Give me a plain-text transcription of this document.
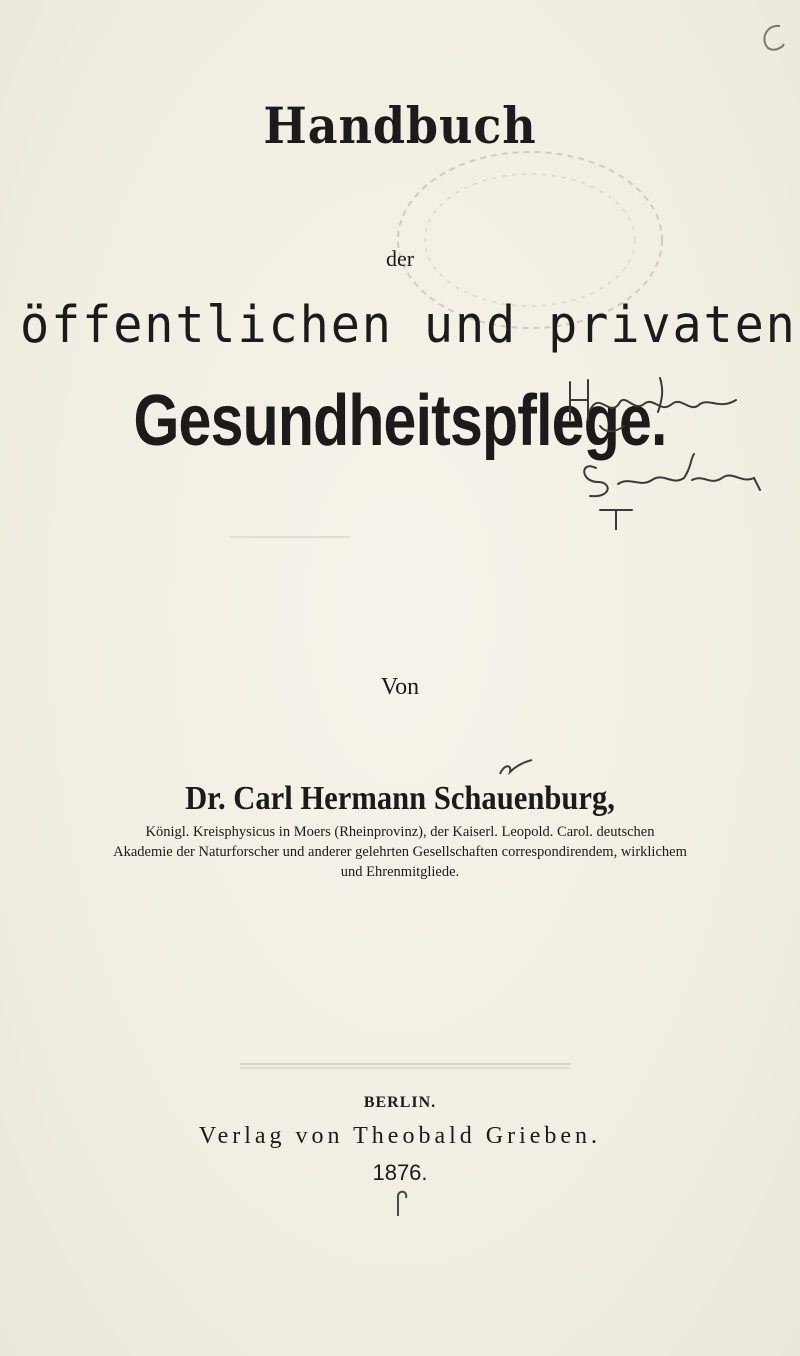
Handbuch
der
öffentlichen und privaten
Gesundheitspflege.
Von
Dr. Carl Hermann Schauenburg,
Königl. Kreisphysicus in Moers (Rheinprovinz), der Kaiserl. Leopold. Carol. deutschen
Akademie der Naturforscher und anderer gelehrten Gesellschaften correspondirendem, wirklichem
und Ehrenmitgliede.
BERLIN.
Verlag von Theobald Grieben.
1876.
